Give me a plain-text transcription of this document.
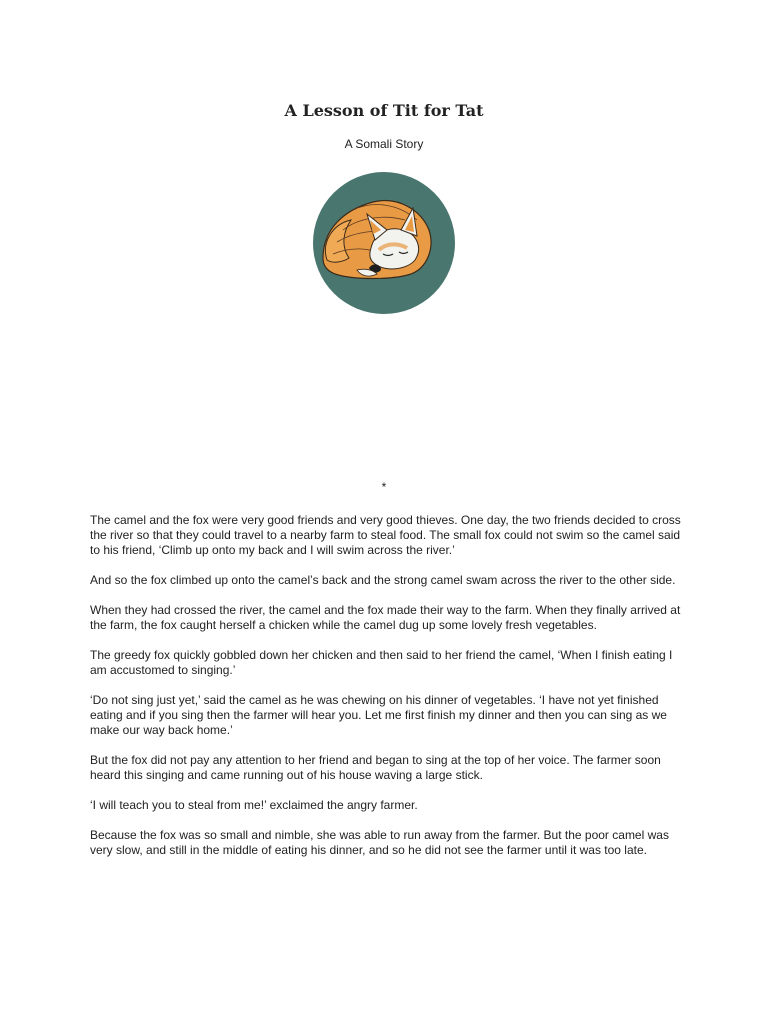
A Lesson of Tit for Tat
A Somali Story
*

The camel and the fox were very good friends and very good thieves. One day, the two friends decided to cross the river so that they could travel to a nearby farm to steal food. The small fox could not swim so the camel said to his friend, ‘Climb up onto my back and I will swim across the river.’

And so the fox climbed up onto the camel’s back and the strong camel swam across the river to the other side.

When they had crossed the river, the camel and the fox made their way to the farm. When they finally arrived at the farm, the fox caught herself a chicken while the camel dug up some lovely fresh vegetables.

The greedy fox quickly gobbled down her chicken and then said to her friend the camel, ‘When I finish eating I am accustomed to singing.’

‘Do not sing just yet,’ said the camel as he was chewing on his dinner of vegetables. ‘I have not yet finished eating and if you sing then the farmer will hear you. Let me first finish my dinner and then you can sing as we make our way back home.’

But the fox did not pay any attention to her friend and began to sing at the top of her voice. The farmer soon heard this singing and came running out of his house waving a large stick.

‘I will teach you to steal from me!’ exclaimed the angry farmer.

Because the fox was so small and nimble, she was able to run away from the farmer. But the poor camel was very slow, and still in the middle of eating his dinner, and so he did not see the farmer until it was too late.
